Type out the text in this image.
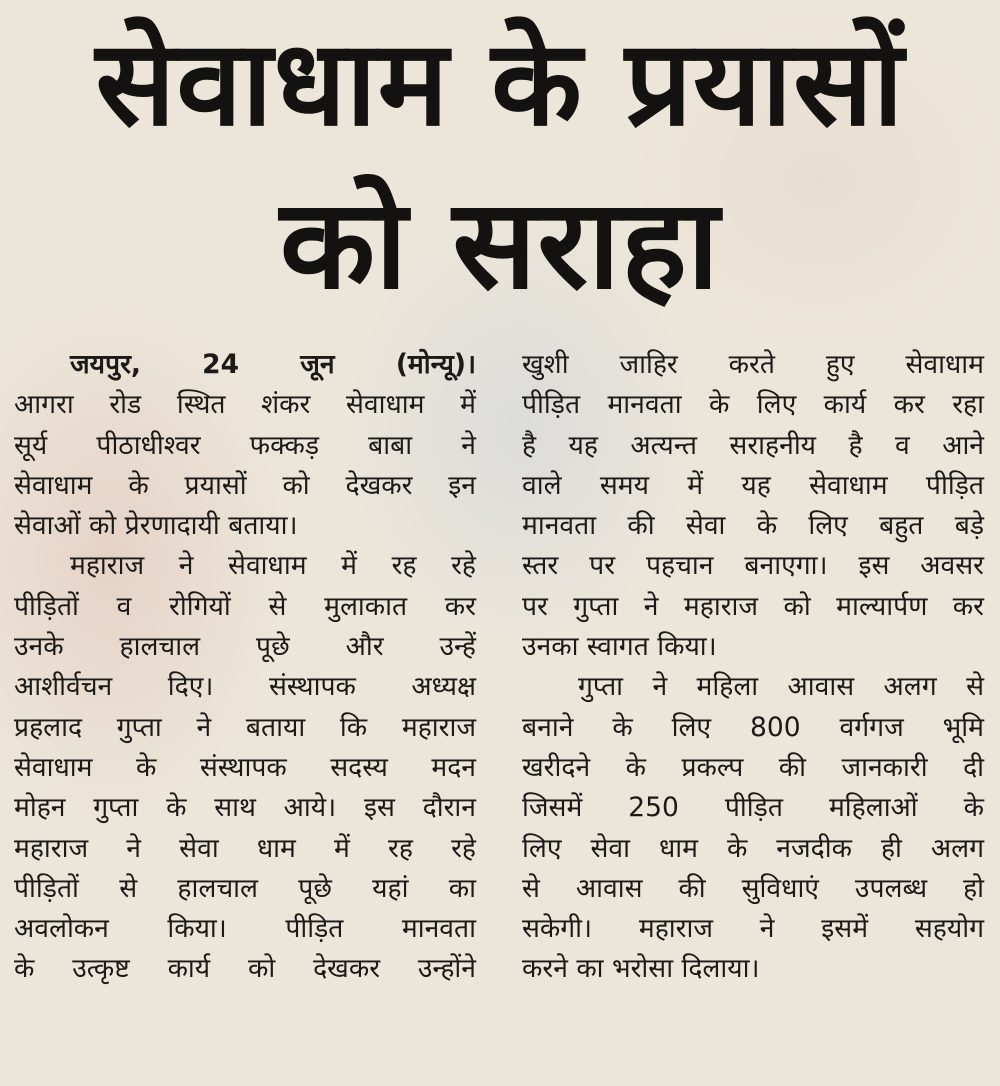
सेवाधाम के प्रयासों
को सराहा

जयपुर, 24 जून (मोन्यू)।

आगरा रोड स्थित शंकर सेवाधाम में

सूर्य पीठाधीश्वर फक्कड़ बाबा ने

सेवाधाम के प्रयासों को देखकर इन

सेवाओं को प्रेरणादायी बताया।

महाराज ने सेवाधाम में रह रहे

पीड़ितों व रोगियों से मुलाकात कर

उनके हालचाल पूछे और उन्हें

आशीर्वचन दिए। संस्थापक अध्यक्ष

प्रहलाद गुप्ता ने बताया कि महाराज

सेवाधाम के संस्थापक सदस्य मदन

मोहन गुप्ता के साथ आये। इस दौरान

महाराज ने सेवा धाम में रह रहे

पीड़ितों से हालचाल पूछे यहां का

अवलोकन किया। पीड़ित मानवता

के उत्कृष्ट कार्य को देखकर उन्होंने

खुशी जाहिर करते हुए सेवाधाम

पीड़ित मानवता के लिए कार्य कर रहा

है यह अत्यन्त सराहनीय है व आने

वाले समय में यह सेवाधाम पीड़ित

मानवता की सेवा के लिए बहुत बड़े

स्तर पर पहचान बनाएगा। इस अवसर

पर गुप्ता ने महाराज को माल्यार्पण कर

उनका स्वागत किया।

गुप्ता ने महिला आवास अलग से

बनाने के लिए 800 वर्गगज भूमि

खरीदने के प्रकल्प की जानकारी दी

जिसमें 250 पीड़ित महिलाओं के

लिए सेवा धाम के नजदीक ही अलग

से आवास की सुविधाएं उपलब्ध हो

सकेगी। महाराज ने इसमें सहयोग

करने का भरोसा दिलाया।
